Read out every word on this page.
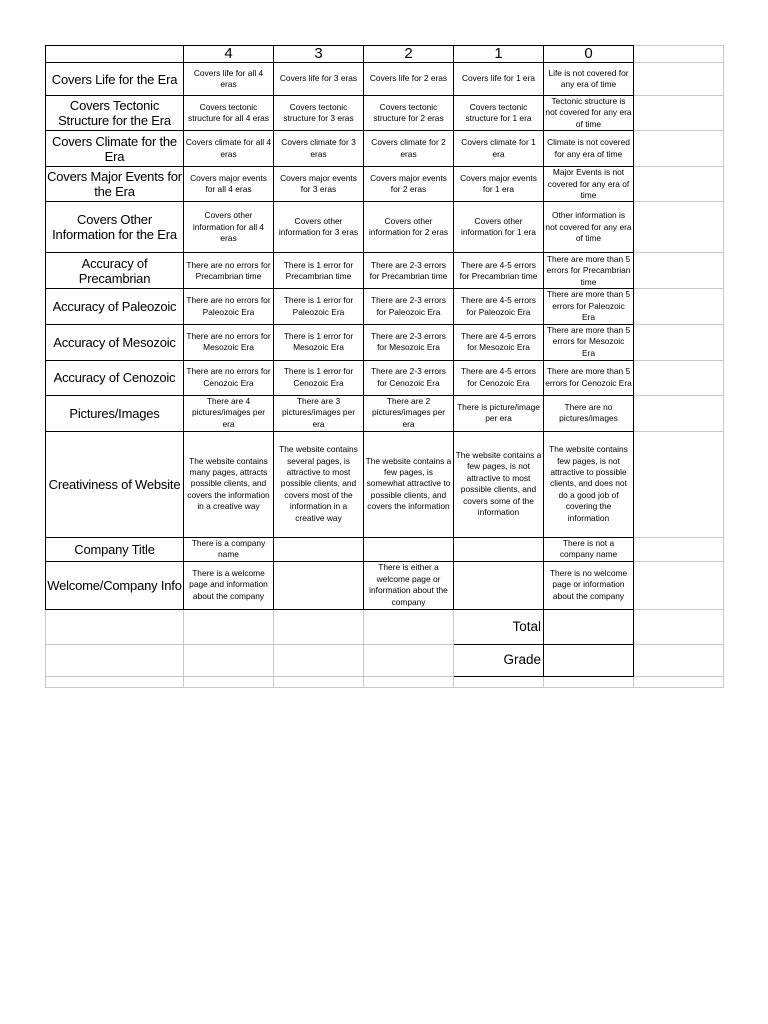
	4	3	2	1	0	
Covers Life for the Era	Covers life for all 4 eras	Covers life for 3 eras	Covers life for 2 eras	Covers life for 1 era	Life is not covered for any era of time	
Covers Tectonic Structure for the Era	Covers tectonic structure for all 4 eras	Covers tectonic structure for 3 eras	Covers tectonic structure for 2 eras	Covers tectonic structure for 1 era	Tectonic structure is not covered for any era of time	
Covers Climate for the Era	Covers climate for all 4 eras	Covers climate for 3 eras	Covers climate for 2 eras	Covers climate for 1 era	Climate is not covered for any era of time	
Covers Major Events for the Era	Covers major events for all 4 eras	Covers major events for 3 eras	Covers major events for 2 eras	Covers major events for 1 era	Major Events is not covered for any era of time	
Covers Other Information for the Era	Covers other information for all 4 eras	Covers other information for 3 eras	Covers other information for 2 eras	Covers other information for 1 era	Other information is not covered for any era of time	
Accuracy of Precambrian	There are no errors for Precambrian time	There is 1 error for Precambrian time	There are 2-3 errors for Precambrian time	There are 4-5 errors for Precambrian time	There are more than 5 errors for Precambrian time	
Accuracy of Paleozoic	There are no errors for Paleozoic Era	There is 1 error for Paleozoic Era	There are 2-3 errors for Paleozoic Era	There are 4-5 errors for Paleozoic Era	There are more than 5 errors for Paleozoic Era	
Accuracy of Mesozoic	There are no errors for Mesozoic Era	There is 1 error for Mesozoic Era	There are 2-3 errors for Mesozoic Era	There are 4-5 errors for Mesozoic Era	There are more than 5 errors for Mesozoic Era	
Accuracy of Cenozoic	There are no errors for Cenozoic Era	There is 1 error for Cenozoic Era	There are 2-3 errors for Cenozoic Era	There are 4-5 errors for Cenozoic Era	There are more than 5 errors for Cenozoic Era	
Pictures/Images	There are 4 pictures/images per era	There are 3 pictures/images per era	There are 2 pictures/images per era	There is picture/image per era	There are no pictures/images	
Creativiness of Website	The website contains many pages, attracts possible clients, and covers the information in a creative way	The website contains several pages, is attractive to most possible clients, and covers most of the information in a creative way	The website contains a few pages, is somewhat attractive to possible clients, and covers the information	The website contains a few pages, is not attractive to most possible clients, and covers some of the information	The website contains few pages, is not attractive to possible clients, and does not do a good job of covering the information	
Company Title	There is a company name				There is not a company name	
Welcome/Company Info	There is a welcome page and information about the company		There is either a welcome page or information about the company		There is no welcome page or information about the company	
				Total		
				Grade		
